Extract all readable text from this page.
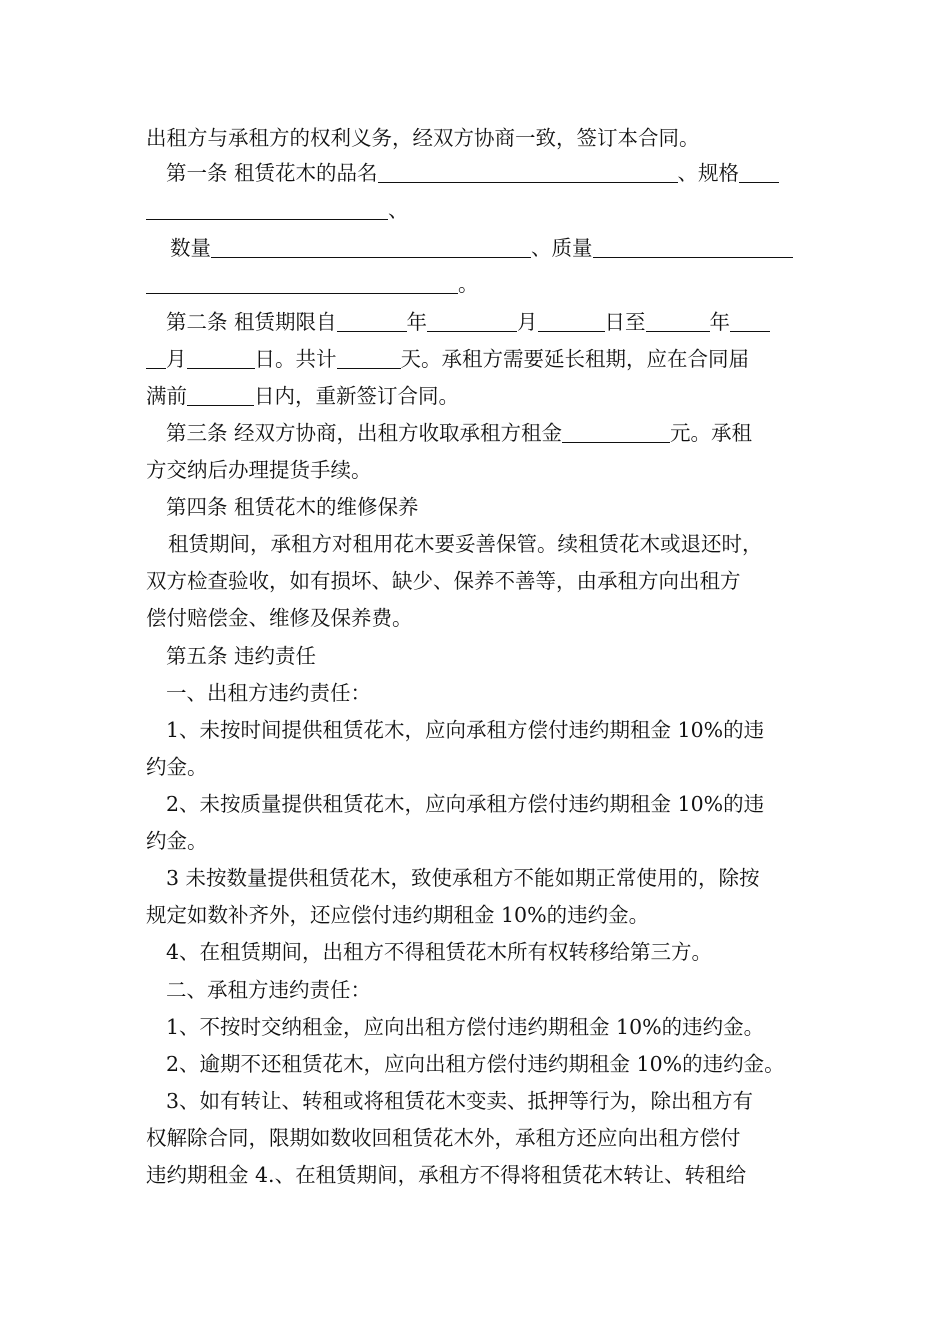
出租方与承租方的权利义务，经双方协商一致，签订本合同。
第一条 租赁花木的品名	、规格
、
数量	、质量
。
第二条 租赁期限自	年	月	日至	年
月	日。共计	天。承租方需要延长租期，应在合同届
满前	日内，重新签订合同。
第三条 经双方协商，出租方收取承租方租金	元。承租
方交纳后办理提货手续。
第四条 租赁花木的维修保养
租赁期间，承租方对租用花木要妥善保管。续租赁花木或退还时，
双方检查验收，如有损坏、缺少、保养不善等，由承租方向出租方
偿付赔偿金、维修及保养费。
第五条 违约责任
一、出租方违约责任：
1、未按时间提供租赁花木，应向承租方偿付违约期租金 10%的违
约金。
2、未按质量提供租赁花木，应向承租方偿付违约期租金 10%的违
约金。
3 未按数量提供租赁花木，致使承租方不能如期正常使用的，除按
规定如数补齐外，还应偿付违约期租金 10%的违约金。
4、在租赁期间，出租方不得租赁花木所有权转移给第三方。
二、承租方违约责任：
1、不按时交纳租金，应向出租方偿付违约期租金 10%的违约金。
2、逾期不还租赁花木，应向出租方偿付违约期租金 10%的违约金。
3、如有转让、转租或将租赁花木变卖、抵押等行为，除出租方有
权解除合同，限期如数收回租赁花木外，承租方还应向出租方偿付
违约期租金 4.、在租赁期间，承租方不得将租赁花木转让、转租给
